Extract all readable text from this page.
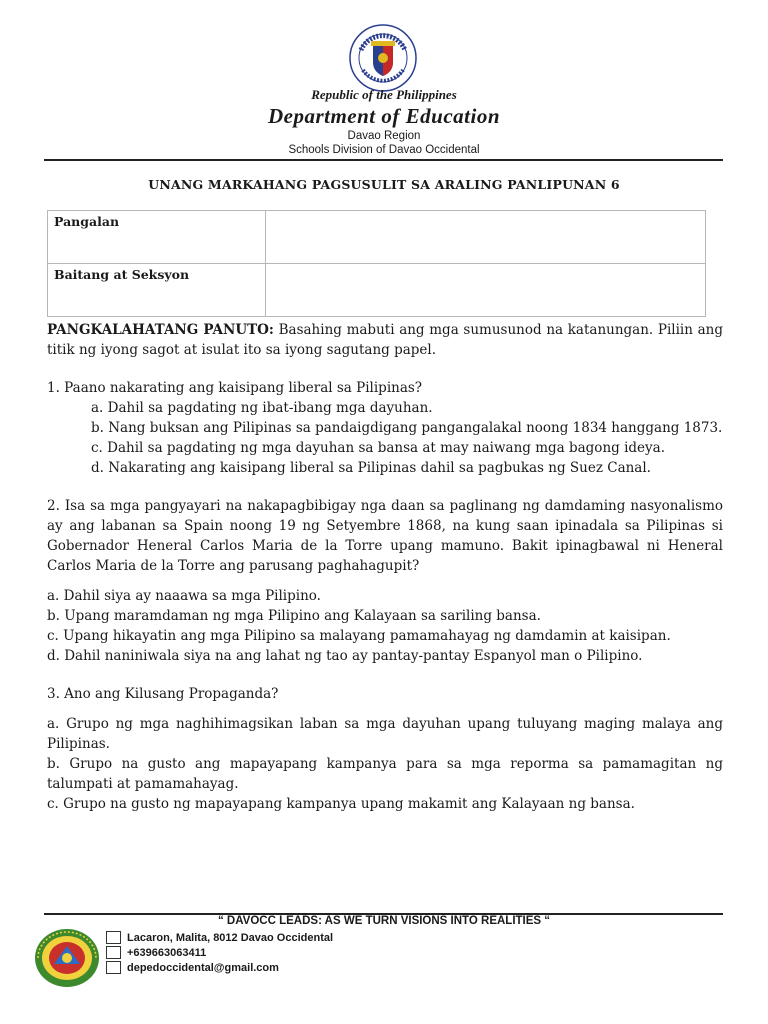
Republic of the Philippines
Department of Education
Davao Region
Schools Division of Davao Occidental
UNANG MARKAHANG PAGSUSULIT SA ARALING PANLIPUNAN 6
Pangalan	
Baitang at Seksyon	

PANGKALAHATANG PANUTO: Basahing mabuti ang mga sumusunod na katanungan. Piliin ang titik ng iyong sagot at isulat ito sa iyong sagutang papel.

1. Paano nakarating ang kaisipang liberal sa Pilipinas?

a. Dahil sa pagdating ng ibat-ibang mga dayuhan.

b. Nang buksan ang Pilipinas sa pandaigdigang pangangalakal noong 1834 hanggang 1873.

c. Dahil sa pagdating ng mga dayuhan sa bansa at may naiwang mga bagong ideya.

d. Nakarating ang kaisipang liberal sa Pilipinas dahil sa pagbukas ng Suez Canal.

2. Isa sa mga pangyayari na nakapagbibigay nga daan sa paglinang ng damdaming nasyonalismo ay ang labanan sa Spain noong 19 ng Setyembre 1868, na kung saan ipinadala sa Pilipinas si Gobernador Heneral Carlos Maria de la Torre upang mamuno. Bakit ipinagbawal ni Heneral Carlos Maria de la Torre ang parusang paghahagupit?

a. Dahil siya ay naaawa sa mga Pilipino.

b. Upang maramdaman ng mga Pilipino ang Kalayaan sa sariling bansa.

c. Upang hikayatin ang mga Pilipino sa malayang pamamahayag ng damdamin at kaisipan.

d. Dahil naniniwala siya na ang lahat ng tao ay pantay-pantay Espanyol man o Pilipino.

3. Ano ang Kilusang Propaganda?

a. Grupo ng mga naghihimagsikan laban sa mga dayuhan upang tuluyang maging malaya ang Pilipinas.

b. Grupo na gusto ang mapayapang kampanya para sa mga reporma sa pamamagitan ng talumpati at pamamahayag.

c. Grupo na gusto ng mapayapang kampanya upang makamit ang Kalayaan ng bansa.

“ DAVOCC LEADS: AS WE TURN VISIONS INTO REALITIES “
Lacaron, Malita, 8012 Davao Occidental
+639663063411
depedoccidental@gmail.com
